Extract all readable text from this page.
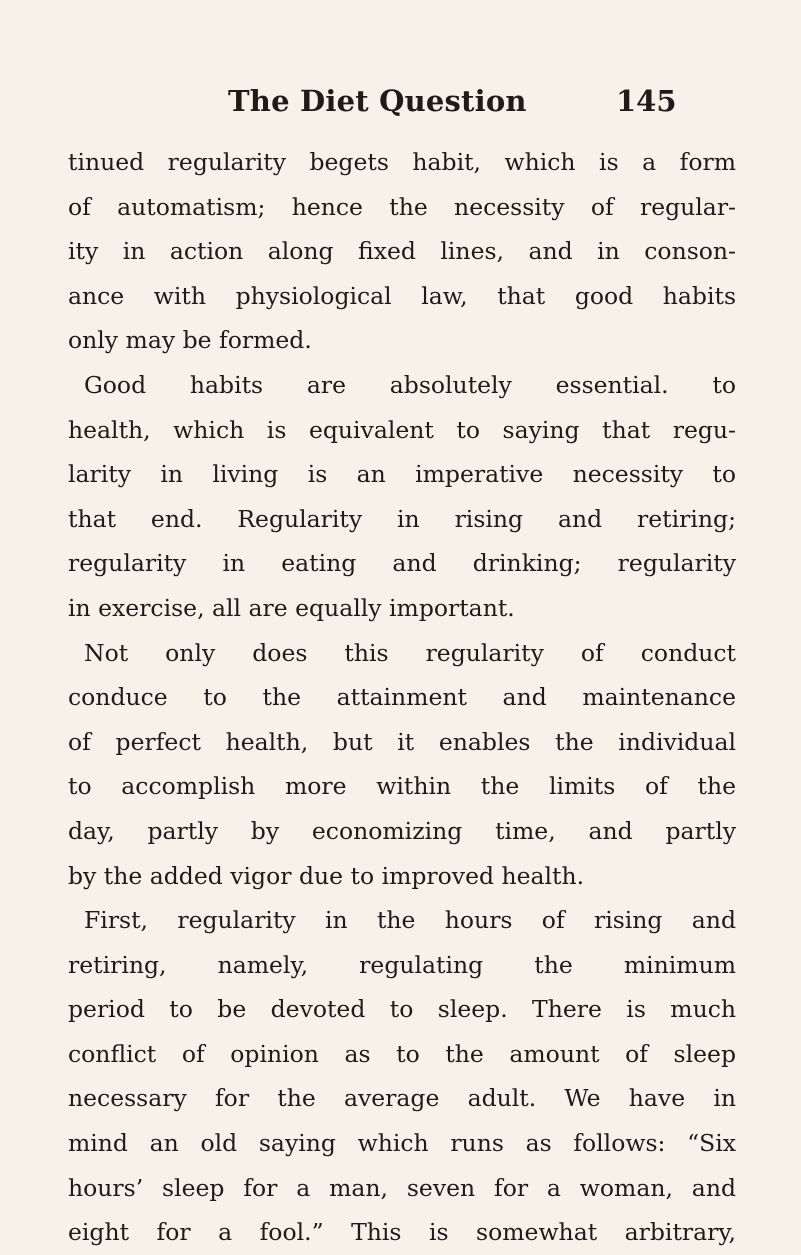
The Diet Question	145
tinued regularity begets habit, which is a form
of automatism; hence the necessity of regular-
ity in action along fixed lines, and in conson-
ance with physiological law, that good habits
only may be formed.
Good habits are absolutely essential. to
health, which is equivalent to saying that regu-
larity in living is an imperative necessity to
that end. Regularity in rising and retiring;
regularity in eating and drinking; regularity
in exercise, all are equally important.
Not only does this regularity of conduct
conduce to the attainment and maintenance
of perfect health, but it enables the individual
to accomplish more within the limits of the
day, partly by economizing time, and partly
by the added vigor due to improved health.
First, regularity in the hours of rising and
retiring, namely, regulating the minimum
period to be devoted to sleep. There is much
conflict of opinion as to the amount of sleep
necessary for the average adult. We have in
mind an old saying which runs as follows: “Six
hours’ sleep for a man, seven for a woman, and
eight for a fool.” This is somewhat arbitrary,
